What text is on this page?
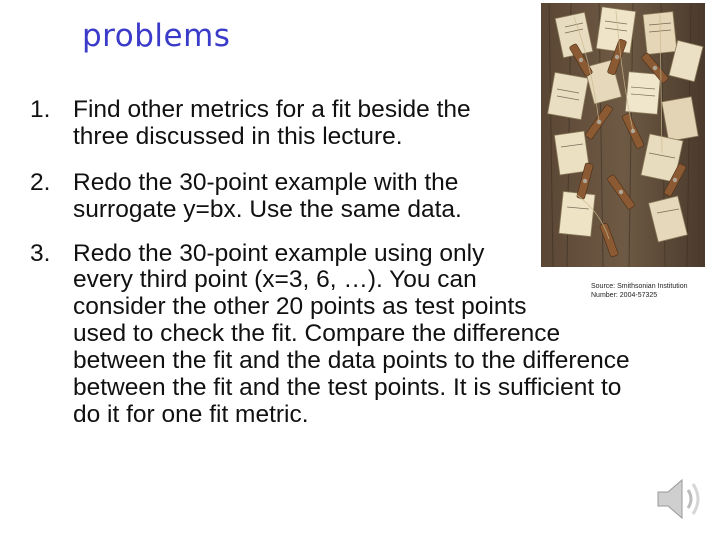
problems
1. Find other metrics for a fit beside the
three discussed in this lecture.
2. Redo the 30-point example with the
surrogate y=bx. Use the same data.
3. Redo the 30-point example using only
every third point (x=3, 6, …). You can
consider the other 20 points as test points
used to check the fit. Compare the difference
between the fit and the data points to the difference
between the fit and the test points. It is sufficient to
do it for one fit metric.
Source: Smithsonian Institution
Number: 2004-57325
